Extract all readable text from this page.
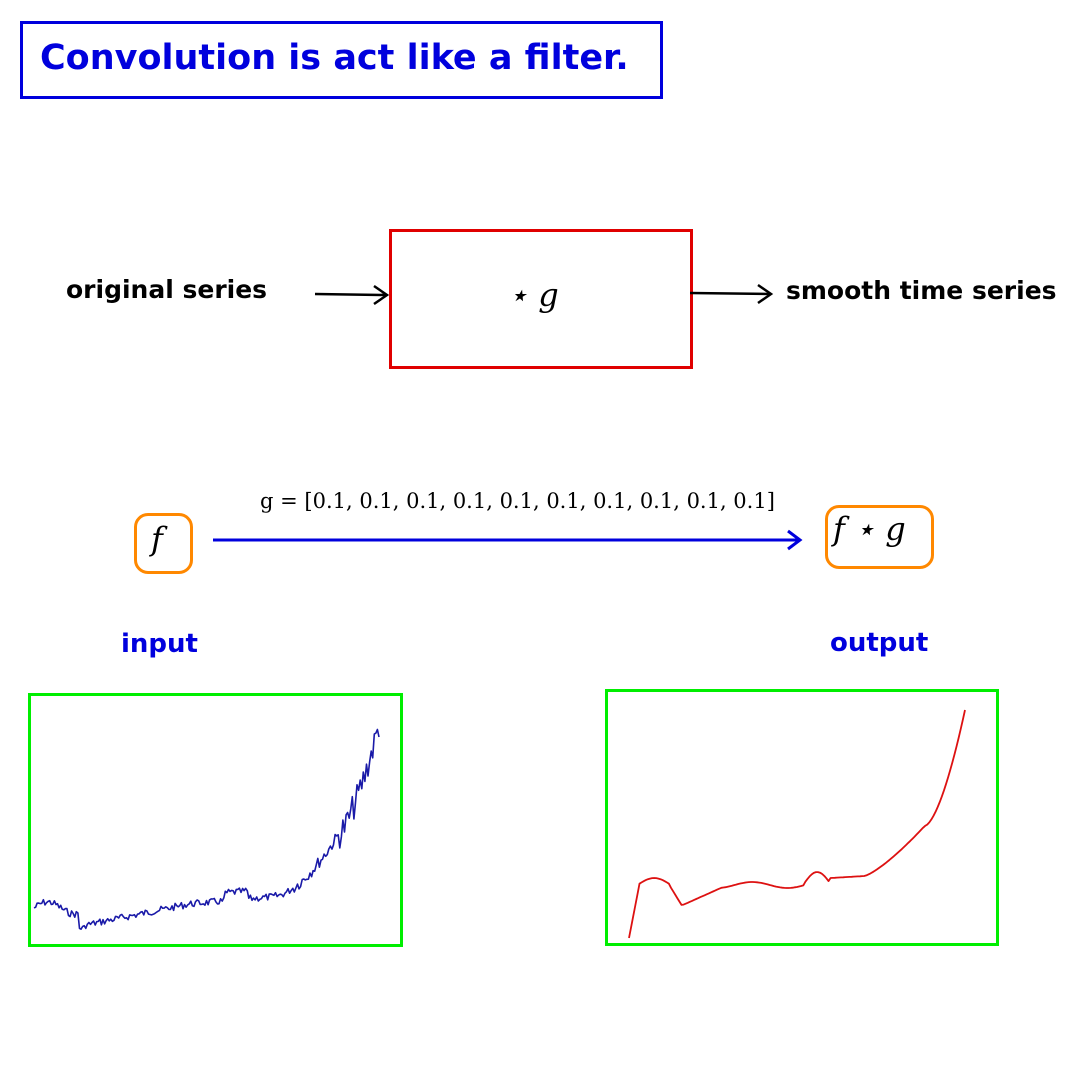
Convolution is act like a filter.
original series	⋆ g	smooth time series
g = [0.1, 0.1, 0.1, 0.1, 0.1, 0.1, 0.1, 0.1, 0.1, 0.1]
f	f ⋆ g
input	output
